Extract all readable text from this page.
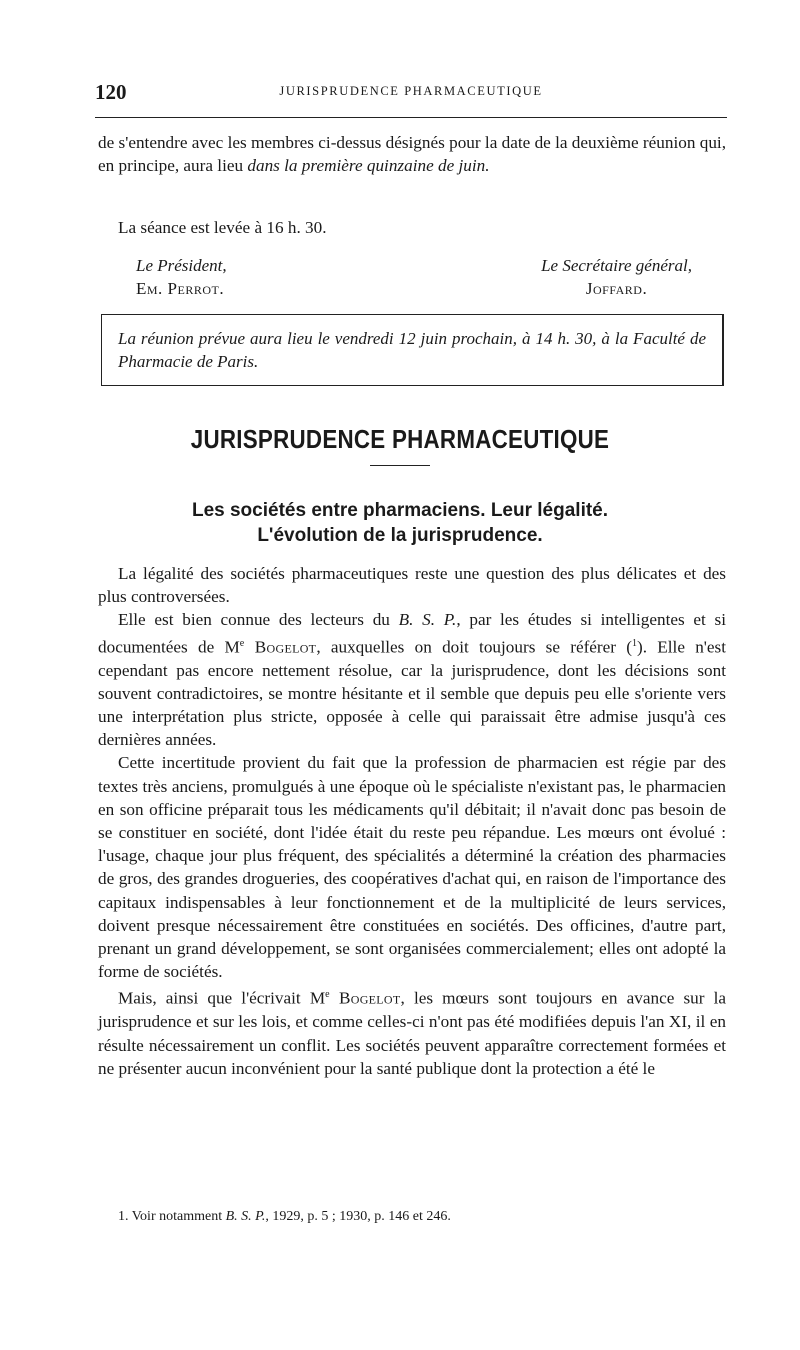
120	JURISPRUDENCE PHARMACEUTIQUE

de s'entendre avec les membres ci-dessus désignés pour la date de la deuxième réunion qui, en principe, aura lieu dans la première quinzaine de juin.

La séance est levée à 16 h. 30.

Le Président,
Em. Perrot.
Le Secrétaire général,
Joffard.
La réunion prévue aura lieu le vendredi 12 juin prochain, à 14 h. 30, à la Faculté de Pharmacie de Paris.
JURISPRUDENCE PHARMACEUTIQUE
Les sociétés entre pharmaciens. Leur légalité.
L'évolution de la jurisprudence.

La légalité des sociétés pharmaceutiques reste une question des plus délicates et des plus controversées.

Elle est bien connue des lecteurs du B. S. P., par les études si intelligentes et si documentées de Me Bogelot, auxquelles on doit toujours se référer ($^1$). Elle n'est cependant pas encore nettement résolue, car la jurisprudence, dont les décisions sont souvent contradictoires, se montre hésitante et il semble que depuis peu elle s'oriente vers une interprétation plus stricte, opposée à celle qui paraissait être admise jusqu'à ces dernières années.

Cette incertitude provient du fait que la profession de pharmacien est régie par des textes très anciens, promulgués à une époque où le spécialiste n'existant pas, le pharmacien en son officine préparait tous les médicaments qu'il débitait; il n'avait donc pas besoin de se constituer en société, dont l'idée était du reste peu répandue. Les mœurs ont évolué : l'usage, chaque jour plus fréquent, des spécialités a déterminé la création des pharmacies de gros, des grandes drogueries, des coopératives d'achat qui, en raison de l'importance des capitaux indispensables à leur fonctionnement et de la multiplicité de leurs services, doivent presque nécessairement être constituées en sociétés. Des officines, d'autre part, prenant un grand développement, se sont organisées commercialement; elles ont adopté la forme de sociétés.

Mais, ainsi que l'écrivait Me Bogelot, les mœurs sont toujours en avance sur la jurisprudence et sur les lois, et comme celles-ci n'ont pas été modifiées depuis l'an XI, il en résulte nécessairement un conflit. Les sociétés peuvent apparaître correctement formées et ne présenter aucun inconvénient pour la santé publique dont la protection a été le

1. Voir notamment B. S. P., 1929, p. 5 ; 1930, p. 146 et 246.
